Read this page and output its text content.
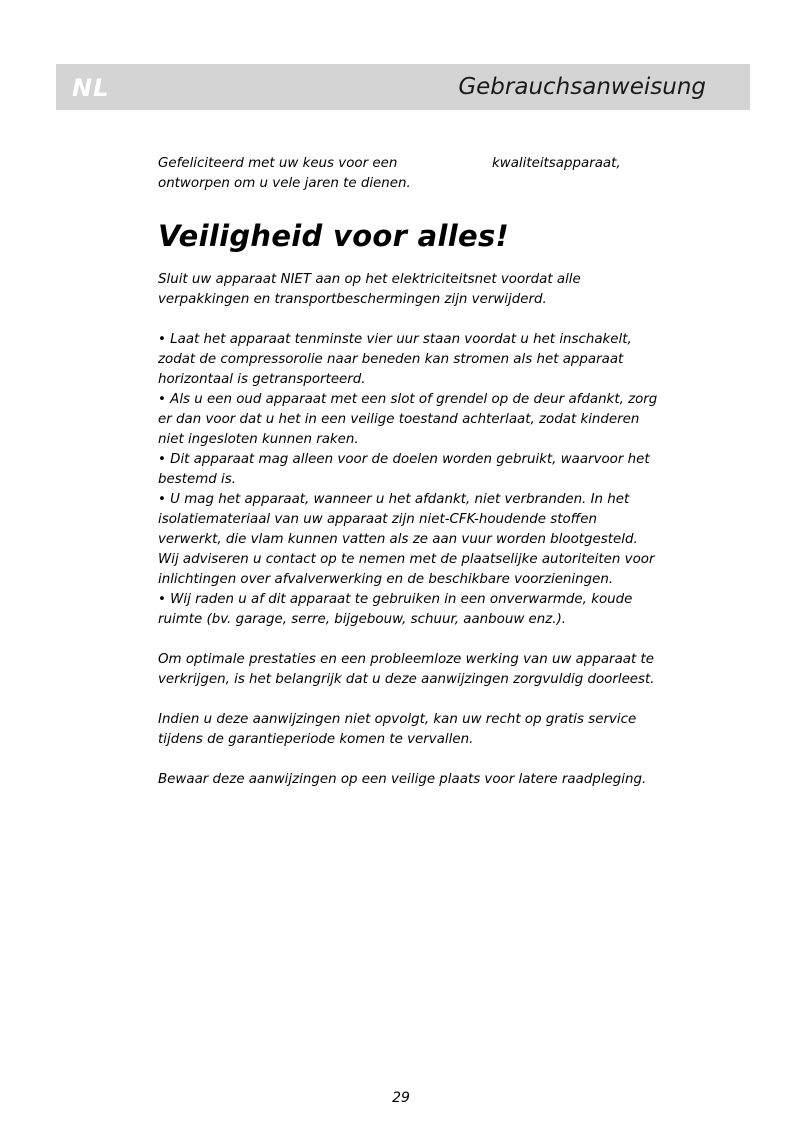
NL	Gebrauchsanweisung
Gefeliciteerd met uw keus voor een	kwaliteitsapparaat,
ontworpen om u vele jaren te dienen.

Veiligheid voor alles!

Sluit uw apparaat NIET aan op het elektriciteitsnet voordat alle verpakkingen en transportbeschermingen zijn verwijderd.

• Laat het apparaat tenminste vier uur staan voordat u het inschakelt, zodat de compressorolie naar beneden kan stromen als het apparaat horizontaal is getransporteerd.

• Als u een oud apparaat met een slot of grendel op de deur afdankt, zorg er dan voor dat u het in een veilige toestand achterlaat, zodat kinderen niet ingesloten kunnen raken.

• Dit apparaat mag alleen voor de doelen worden gebruikt, waarvoor het bestemd is.

• U mag het apparaat, wanneer u het afdankt, niet verbranden. In het isolatiemateriaal van uw apparaat zijn niet-CFK-houdende stoffen verwerkt, die vlam kunnen vatten als ze aan vuur worden blootgesteld. Wij adviseren u contact op te nemen met de plaatselijke autoriteiten voor inlichtingen over afvalverwerking en de beschikbare voorzieningen.

• Wij raden u af dit apparaat te gebruiken in een onverwarmde, koude ruimte (bv. garage, serre, bijgebouw, schuur, aanbouw enz.).

Om optimale prestaties en een probleemloze werking van uw apparaat te verkrijgen, is het belangrijk dat u deze aanwijzingen zorgvuldig doorleest.

Indien u deze aanwijzingen niet opvolgt, kan uw recht op gratis service tijdens de garantieperiode komen te vervallen.

Bewaar deze aanwijzingen op een veilige plaats voor latere raadpleging.

29
